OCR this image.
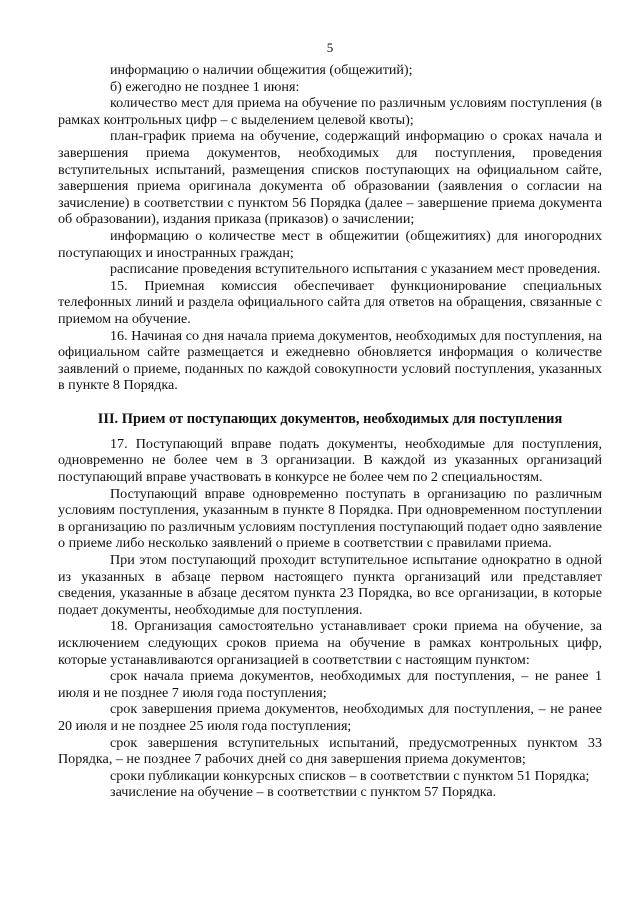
5

информацию о наличии общежития (общежитий);

б) ежегодно не позднее 1 июня:

количество мест для приема на обучение по различным условиям поступления (в рамках контрольных цифр – с выделением целевой квоты);

план-график приема на обучение, содержащий информацию о сроках начала и завершения приема документов, необходимых для поступления, проведения вступительных испытаний, размещения списков поступающих на официальном сайте, завершения приема оригинала документа об образовании (заявления о согласии на зачисление) в соответствии с пунктом 56 Порядка (далее – завершение приема документа об образовании), издания приказа (приказов) о зачислении;

информацию о количестве мест в общежитии (общежитиях) для иногородних поступающих и иностранных граждан;

расписание проведения вступительного испытания с указанием мест проведения.

15. Приемная комиссия обеспечивает функционирование специальных телефонных линий и раздела официального сайта для ответов на обращения, связанные с приемом на обучение.

16. Начиная со дня начала приема документов, необходимых для поступления, на официальном сайте размещается и ежедневно обновляется информация о количестве заявлений о приеме, поданных по каждой совокупности условий поступления, указанных в пункте 8 Порядка.

III. Прием от поступающих документов, необходимых для поступления

17. Поступающий вправе подать документы, необходимые для поступления, одновременно не более чем в 3 организации. В каждой из указанных организаций поступающий вправе участвовать в конкурсе не более чем по 2 специальностям.

Поступающий вправе одновременно поступать в организацию по различным условиям поступления, указанным в пункте 8 Порядка. При одновременном поступлении в организацию по различным условиям поступления поступающий подает одно заявление о приеме либо несколько заявлений о приеме в соответствии с правилами приема.

При этом поступающий проходит вступительное испытание однократно в одной из указанных в абзаце первом настоящего пункта организаций или представляет сведения, указанные в абзаце десятом пункта 23 Порядка, во все организации, в которые подает документы, необходимые для поступления.

18. Организация самостоятельно устанавливает сроки приема на обучение, за исключением следующих сроков приема на обучение в рамках контрольных цифр, которые устанавливаются организацией в соответствии с настоящим пунктом:

срок начала приема документов, необходимых для поступления, – не ранее 1 июля и не позднее 7 июля года поступления;

срок завершения приема документов, необходимых для поступления, – не ранее 20 июля и не позднее 25 июля года поступления;

срок завершения вступительных испытаний, предусмотренных пунктом 33 Порядка, – не позднее 7 рабочих дней со дня завершения приема документов;

сроки публикации конкурсных списков – в соответствии с пунктом 51 Порядка;

зачисление на обучение – в соответствии с пунктом 57 Порядка.
